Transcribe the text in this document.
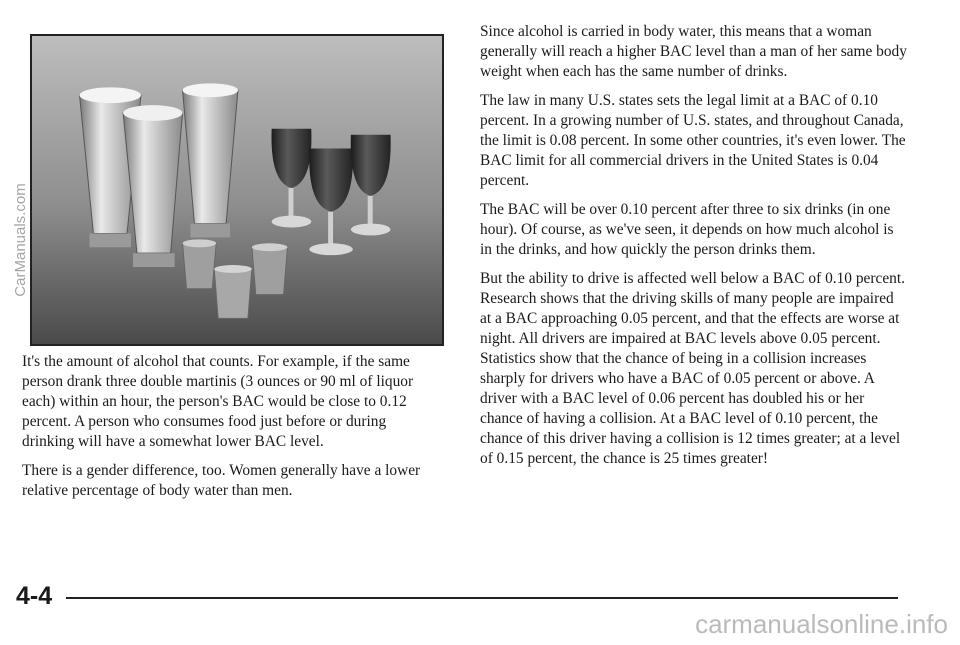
It's the amount of alcohol that counts. For example, if the same person drank three double martinis (3 ounces or 90 ml of liquor each) within an hour, the person's BAC would be close to 0.12 percent. A person who consumes food just before or during drinking will have a somewhat lower BAC level.

There is a gender difference, too. Women generally have a lower relative percentage of body water than men.

Since alcohol is carried in body water, this means that a woman generally will reach a higher BAC level than a man of her same body weight when each has the same number of drinks.

The law in many U.S. states sets the legal limit at a BAC of 0.10 percent. In a growing number of U.S. states, and throughout Canada, the limit is 0.08 percent. In some other countries, it's even lower. The BAC limit for all commercial drivers in the United States is 0.04 percent.

The BAC will be over 0.10 percent after three to six drinks (in one hour). Of course, as we've seen, it depends on how much alcohol is in the drinks, and how quickly the person drinks them.

But the ability to drive is affected well below a BAC of 0.10 percent. Research shows that the driving skills of many people are impaired at a BAC approaching 0.05 percent, and that the effects are worse at night. All drivers are impaired at BAC levels above 0.05 percent. Statistics show that the chance of being in a collision increases sharply for drivers who have a BAC of 0.05 percent or above. A driver with a BAC level of 0.06 percent has doubled his or her chance of having a collision. At a BAC level of 0.10 percent, the chance of this driver having a collision is 12 times greater; at a level of 0.15 percent, the chance is 25 times greater!

4-4
CarManuals.com
carmanualsonline.info
